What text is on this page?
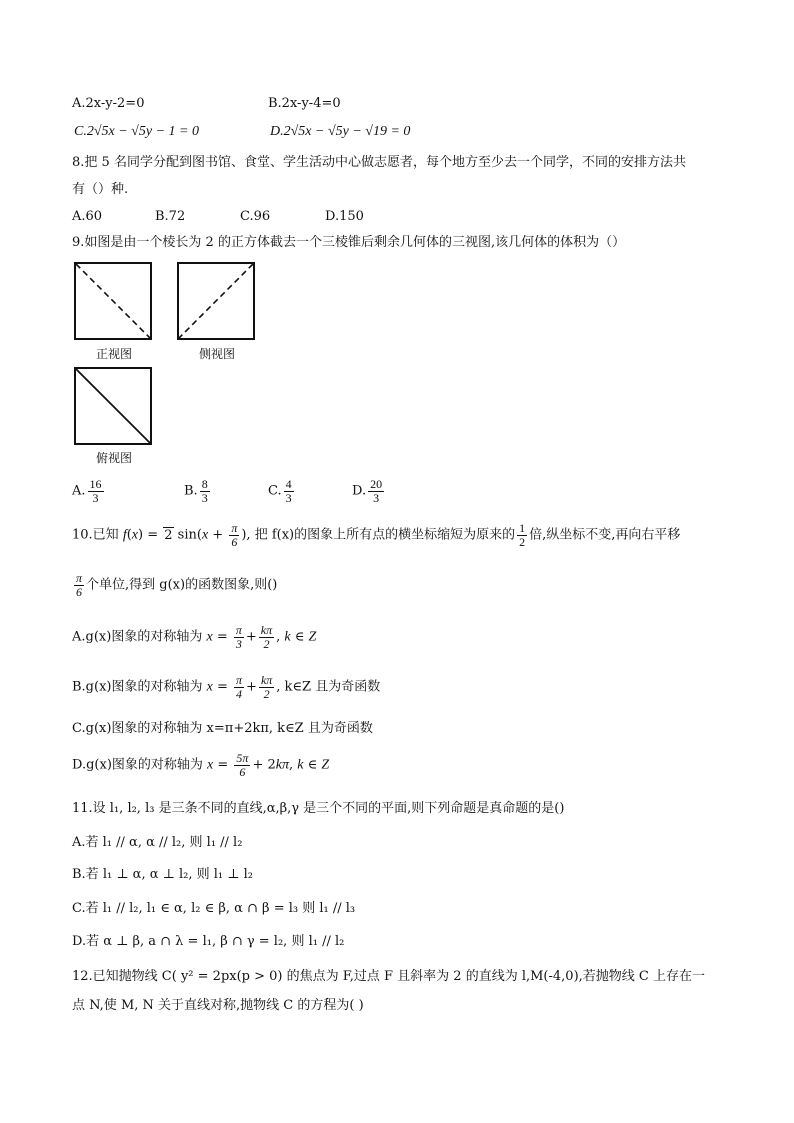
A.2x-y-2=0	B.2x-y-4=0
C.2√5x − √5y − 1 = 0	D.2√5x − √5y − √19 = 0
8.把 5 名同学分配到图书馆、食堂、学生活动中心做志愿者，每个地方至少去一个同学，不同的安排方法共
有（）种.
A.60	B.72	C.96	D.150
9.如图是由一个棱长为 2 的正方体截去一个三棱锥后剩余几何体的三视图,该几何体的体积为（）
正视图	侧视图
俯视图
A. $\frac{16}{3}$	B. $\frac{8}{3}$	C. $\frac{4}{3}$	D. $\frac{20}{3}$
10.已知 f(x) = 2 $\sin(x + \frac{\pi}{6}$ ), 把 f(x)的图象上所有点的横坐标缩短为原来的 $\frac{1}{2}$ 倍,纵坐标不变,再向右平移
$\frac{\pi}{6}$ 个单位,得到 g(x)的函数图象,则()
A.g(x)图象的对称轴为 $x = \frac{\pi}{3} + \frac{k\pi}{2}$ , k ∈ Z
B.g(x)图象的对称轴为 $x = \frac{\pi}{4} + \frac{k\pi}{2}$ , k∈Z 且为奇函数
C.g(x)图象的对称轴为 x=π+2kπ, k∈Z 且为奇函数
D.g(x)图象的对称轴为 $x = \frac{5\pi}{6} + 2k\pi$, k ∈ Z
11.设 l₁, l₂, l₃ 是三条不同的直线,α,β,γ 是三个不同的平面,则下列命题是真命题的是()
A.若 l₁ // α, α // l₂, 则 l₁ // l₂
B.若 l₁ ⊥ α, α ⊥ l₂, 则 l₁ ⊥ l₂
C.若 l₁ // l₂, l₁ ∈ α, l₂ ∈ β, α ∩ β = l₃ 则 l₁ // l₃
D.若 α ⊥ β, a ∩ λ = l₁, β ∩ γ = l₂, 则 l₁ // l₂
12.已知抛物线 C( y² = 2px(p > 0) 的焦点为 F,过点 F 且斜率为 2 的直线为 l,M(-4,0),若抛物线 C 上存在一
点 N,使 M, N 关于直线对称,抛物线 C 的方程为( )
